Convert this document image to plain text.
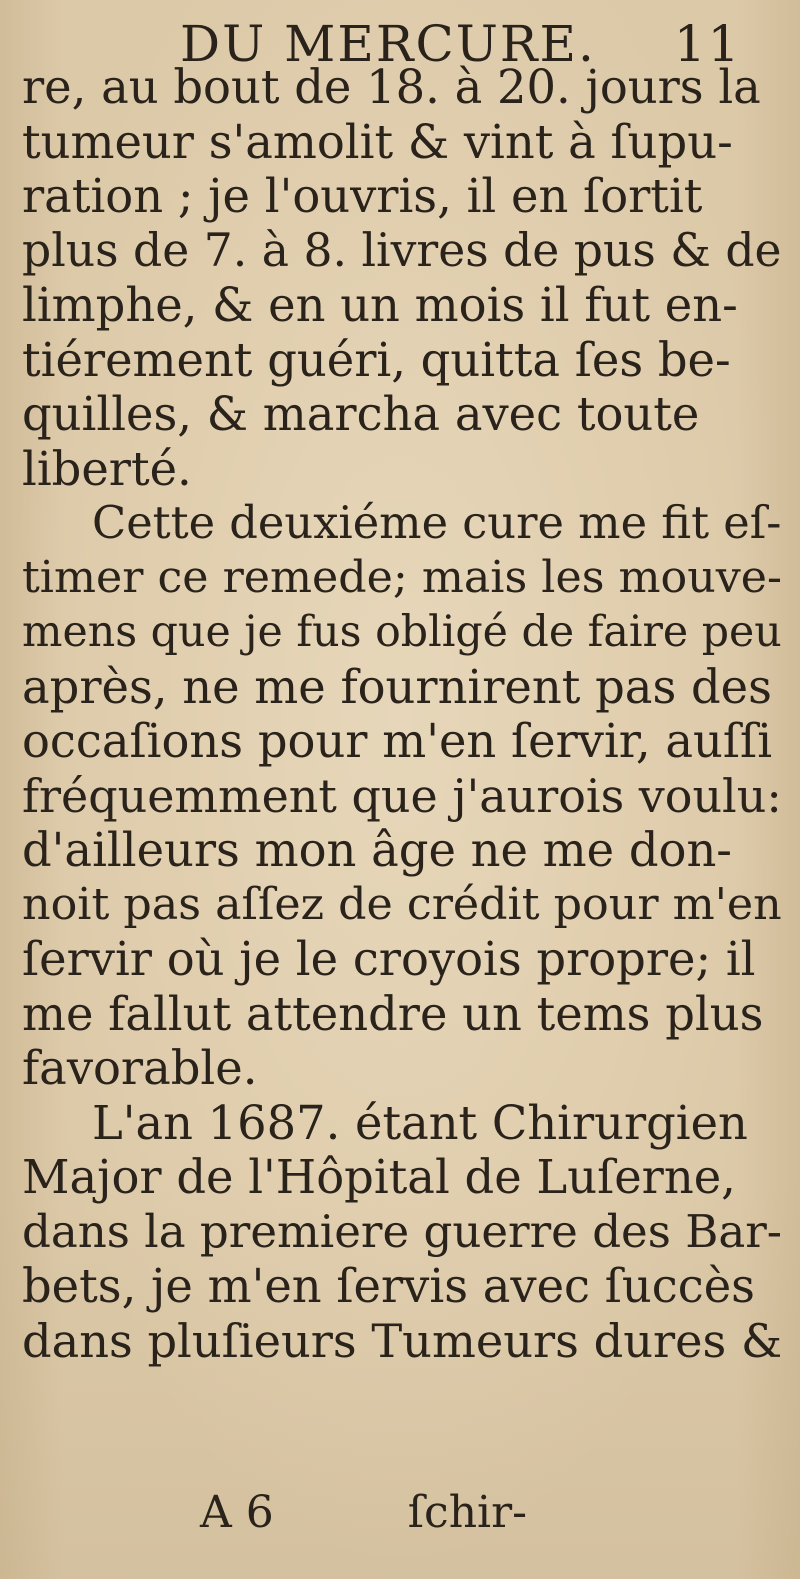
DU MERCURE. 11
re, au bout de 18. à 20. jours la
tumeur s'amolit & vint à ſupu-
ration ; je l'ouvris, il en ſortit
plus de 7. à 8. livres de pus & de
limphe, & en un mois il fut en-
tiérement guéri, quitta ſes be-
quilles, & marcha avec toute
liberté.
Cette deuxiéme cure me fit eſ-
timer ce remede; mais les mouve-
mens que je fus obligé de faire peu
après, ne me fournirent pas des
occaſions pour m'en ſervir, auſſi
fréquemment que j'aurois voulu:
d'ailleurs mon âge ne me don-
noit pas aſſez de crédit pour m'en
ſervir où je le croyois propre; il
me fallut attendre un tems plus
favorable.
L'an 1687. étant Chirurgien
Major de l'Hôpital de Luſerne,
dans la premiere guerre des Bar-
bets, je m'en ſervis avec ſuccès
dans pluſieurs Tumeurs dures &
A 6	ſchir-
